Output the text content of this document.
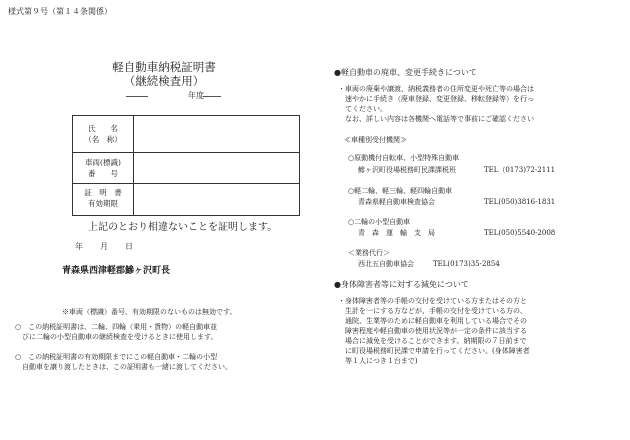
様式第９号（第１４条関係）
軽自動車納税証明書
（継続検査用）
年度
氏　　名
（名　称）
車両(標識)
番　　号
証　明　書
有効期限
上記のとおり相違ないことを証明します。
年 月 日
青森県西津軽郡鰺ヶ沢町長
※車両（標識）番号、有効期限のないものは無効です。
○　この納税証明書は、二輪、四輪（乗用・貨物）の軽自動車並
　びに二輪の小型自動車の継続検査を受けるときに使用します。
○　この納税証明書の有効期限までにこの軽自動車・二輪の小型
　自動車を譲り渡したときは、この証明書も一緒に渡してください。
●軽自動車の廃車、変更手続きについて
・車両の廃棄や譲渡、納税義務者の住所変更や死亡等の場合は
　速やかに手続き（廃車登録、変更登録、移転登録等）を行っ
　てください。
　なお、詳しい内容は各機関へ電話等で事前にご確認ください
≪車種別受付機関≫
○原動機付自転車、小型特殊自動車
鰺ヶ沢町役場税務町民課課税班	TEL（0173)72-2111
○軽二輪、軽三輪、軽四輪自動車
青森県軽自動車検査協会	TEL(050)3816-1831
○二輪の小型自動車
青　森　運　輸　支　局	TEL(050)5540-2008
＜業務代行＞
西北五自動車協会	TEL(0173)35-2854
●身体障害者等に対する減免について
・身体障害者等の手帳の交付を受けている方またはその方と
　生計を一にする方などが、手帳の交付を受けている方の、
　通院、生業等のために軽自動車を利用している場合でその
　障害程度や軽自動車の使用状況等が一定の条件に該当する
　場合に減免を受けることができます。納期限の７日前まで
　に町役場税務町民課で申請を行ってください。(身体障害者
　等１人につき１台まで)
